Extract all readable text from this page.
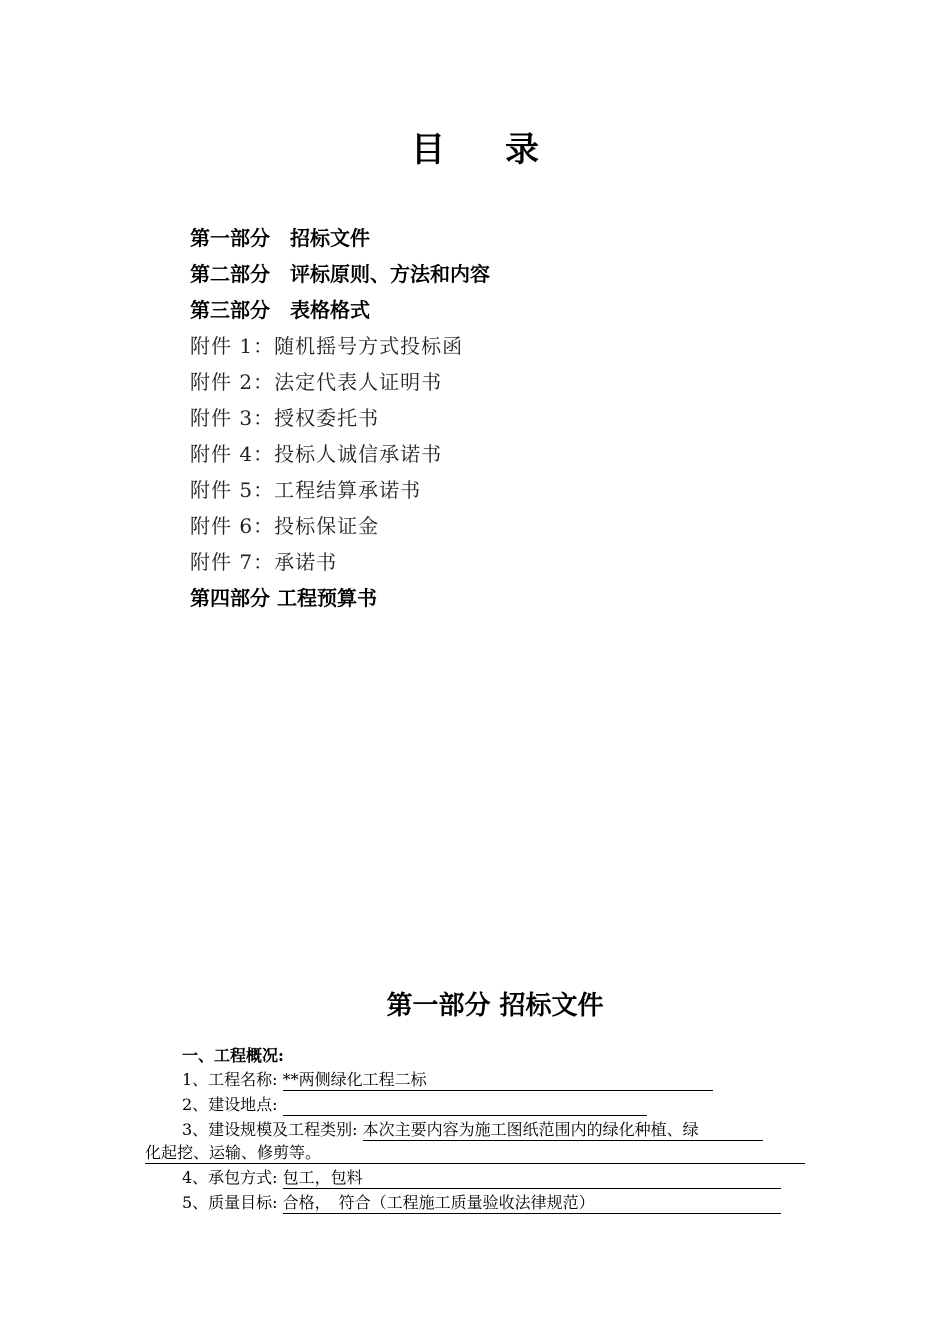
目 录
第一部分　招标文件
第二部分　评标原则、方法和内容
第三部分　表格格式
附件 1：随机摇号方式投标函
附件 2：法定代表人证明书
附件 3：授权委托书
附件 4：投标人诚信承诺书
附件 5：工程结算承诺书
附件 6：投标保证金
附件 7：承诺书
第四部分 工程预算书
第一部分 招标文件
一、工程概况:
1、工程名称: **两侧绿化工程二标
2、建设地点:
3、建设规模及工程类别: 本次主要内容为施工图纸范围内的绿化种植、绿
化起挖、运输、修剪等。
4、承包方式: 包工，包料
5、质量目标: 合格，　符合（工程施工质量验收法律规范）
